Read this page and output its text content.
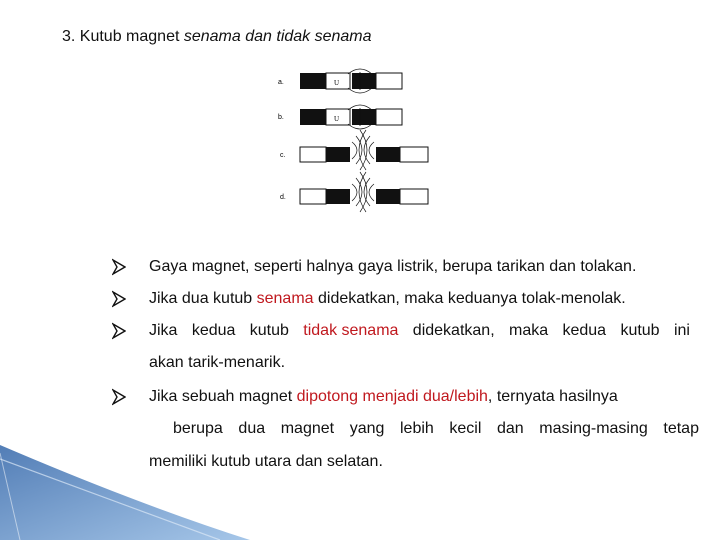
3. Kutub magnet senama dan tidak senama
a.	U
b.	U
c.
d.
Gaya magnet, seperti halnya gaya listrik, berupa tarikan dan tolakan.
Jika dua kutub senama didekatkan, maka keduanya tolak-menolak.
Jika kedua kutub tidak senama didekatkan, maka kedua kutub ini
akan tarik-menarik.
Jika sebuah magnet dipotong menjadi dua/lebih, ternyata hasilnya
berupa dua magnet yang lebih kecil dan masing-masing tetap
memiliki kutub utara dan selatan.
